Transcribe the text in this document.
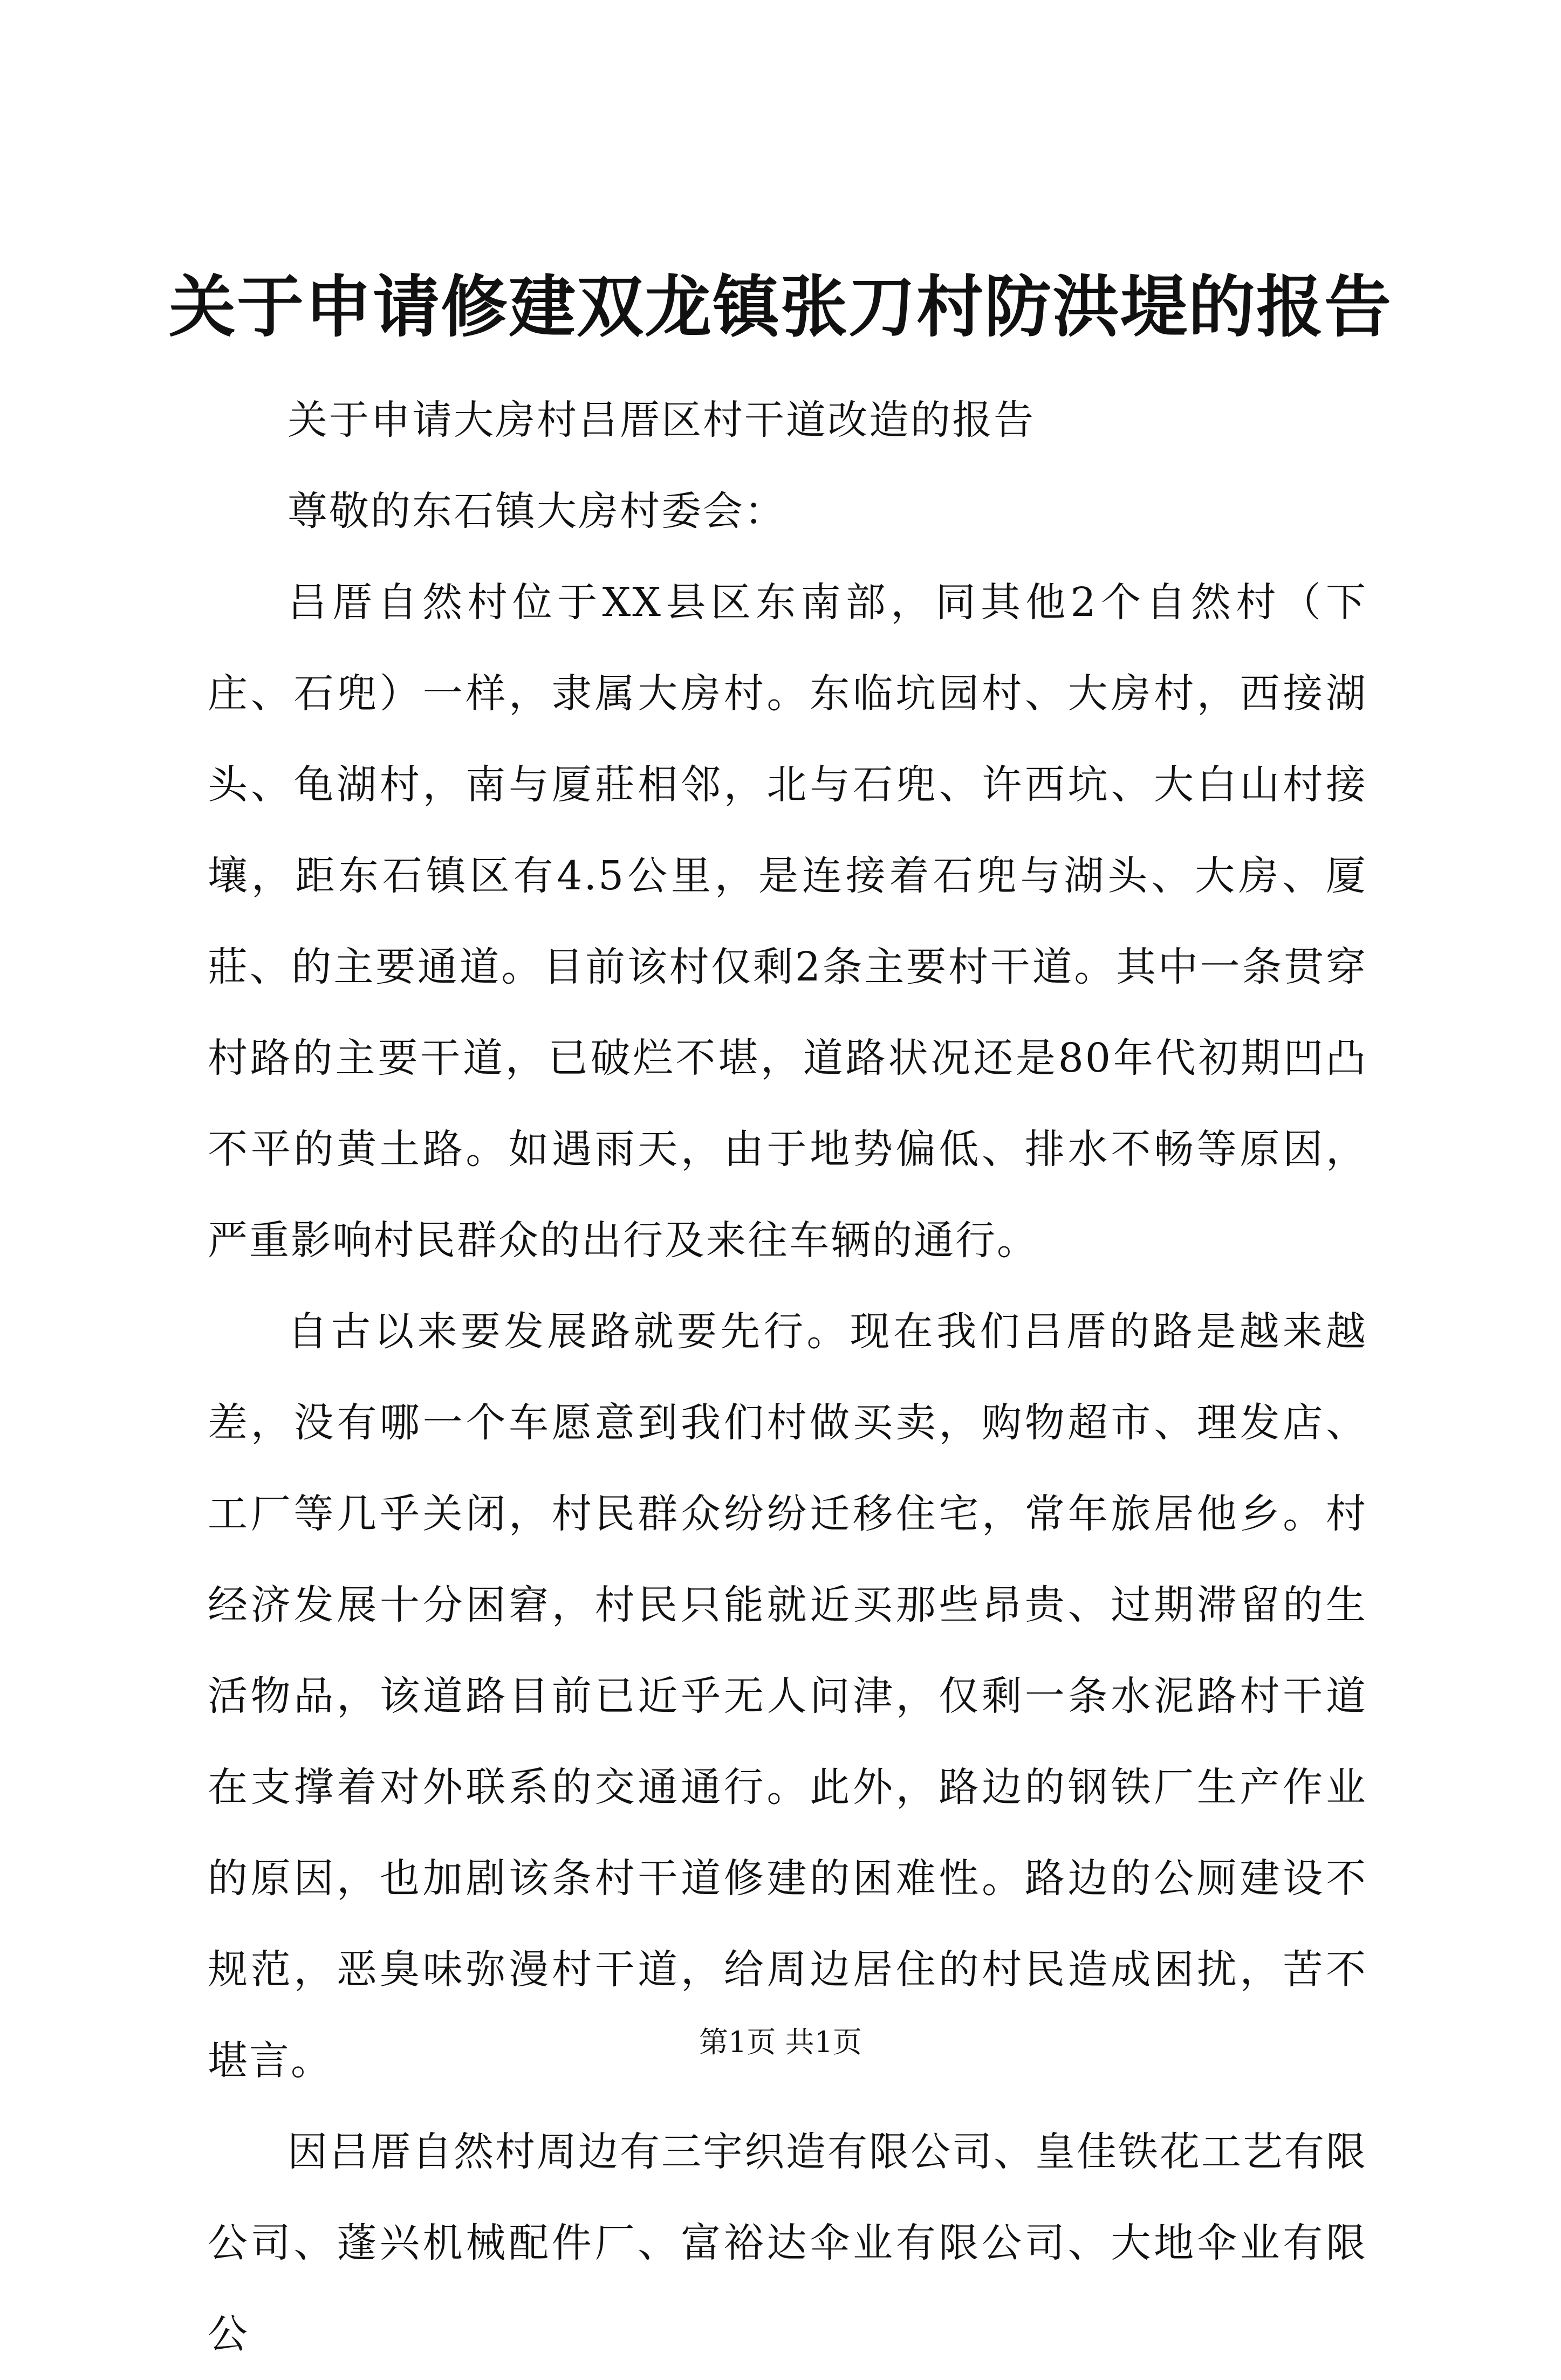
关于申请修建双龙镇张刀村防洪堤的报告

关于申请大房村吕厝区村干道改造的报告

尊敬的东石镇大房村委会：

吕厝自然村位于XX县区东南部，同其他2个自然村（下庄、石兜）一样，隶属大房村。东临坑园村、大房村，西接湖头、龟湖村，南与厦莊相邻，北与石兜、许西坑、大白山村接壤，距东石镇区有4.5公里，是连接着石兜与湖头、大房、厦莊、的主要通道。目前该村仅剩2条主要村干道。其中一条贯穿村路的主要干道，已破烂不堪，道路状况还是80年代初期凹凸不平的黄土路。如遇雨天，由于地势偏低、排水不畅等原因，严重影响村民群众的出行及来往车辆的通行。

自古以来要发展路就要先行。现在我们吕厝的路是越来越差，没有哪一个车愿意到我们村做买卖，购物超市、理发店、工厂等几乎关闭，村民群众纷纷迁移住宅，常年旅居他乡。村经济发展十分困窘，村民只能就近买那些昂贵、过期滞留的生活物品，该道路目前已近乎无人问津，仅剩一条水泥路村干道在支撑着对外联系的交通通行。此外，路边的钢铁厂生产作业的原因，也加剧该条村干道修建的困难性。路边的公厕建设不规范，恶臭味弥漫村干道，给周边居住的村民造成困扰，苦不堪言。

因吕厝自然村周边有三宇织造有限公司、皇佳铁花工艺有限公司、蓬兴机械配件厂、富裕达伞业有限公司、大地伞业有限公

第1页 共1页
